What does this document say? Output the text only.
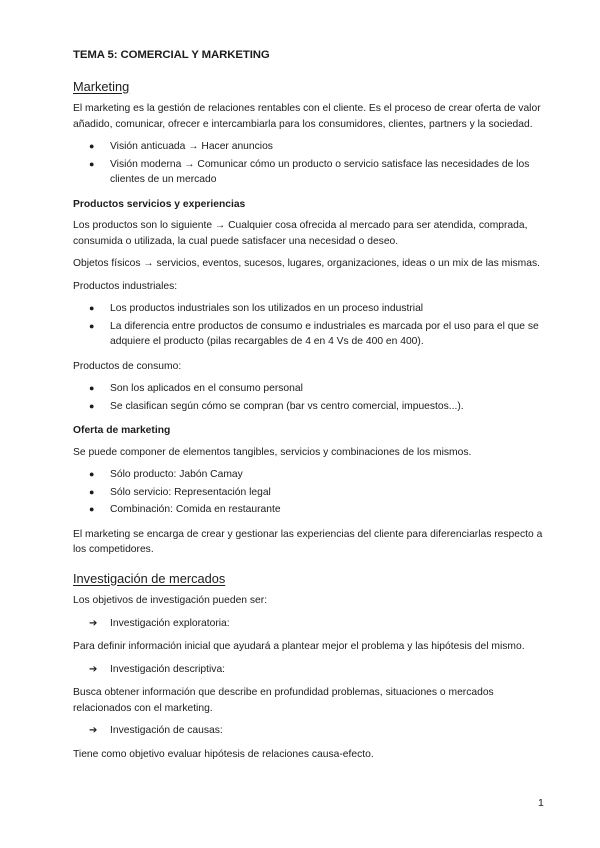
TEMA 5: COMERCIAL Y MARKETING
Marketing

El marketing es la gestión de relaciones rentables con el cliente. Es el proceso de crear oferta de valor añadido, comunicar, ofrecer e intercambiarla para los consumidores, clientes, partners y la sociedad.

● Visión anticuada → Hacer anuncios
● Visión moderna → Comunicar cómo un producto o servicio satisface las necesidades de los clientes de un mercado
Productos servicios y experiencias

Los productos son lo siguiente → Cualquier cosa ofrecida al mercado para ser atendida, comprada, consumida o utilizada, la cual puede satisfacer una necesidad o deseo.

Objetos físicos → servicios, eventos, sucesos, lugares, organizaciones, ideas o un mix de las mismas.

Productos industriales:

● Los productos industriales son los utilizados en un proceso industrial
● La diferencia entre productos de consumo e industriales es marcada por el uso para el que se adquiere el producto (pilas recargables de 4 en 4 Vs de 400 en 400).

Productos de consumo:

● Son los aplicados en el consumo personal
● Se clasifican según cómo se compran (bar vs centro comercial, impuestos...).
Oferta de marketing

Se puede componer de elementos tangibles, servicios y combinaciones de los mismos.

● Sólo producto: Jabón Camay
● Sólo servicio: Representación legal
● Combinación: Comida en restaurante

El marketing se encarga de crear y gestionar las experiencias del cliente para diferenciarlas respecto a los competidores.

Investigación de mercados

Los objetivos de investigación pueden ser:

➔ Investigación exploratoria:

Para definir información inicial que ayudará a plantear mejor el problema y las hipótesis del mismo.

➔ Investigación descriptiva:

Busca obtener información que describe en profundidad problemas, situaciones o mercados relacionados con el marketing.

➔ Investigación de causas:

Tiene como objetivo evaluar hipótesis de relaciones causa-efecto.

1
